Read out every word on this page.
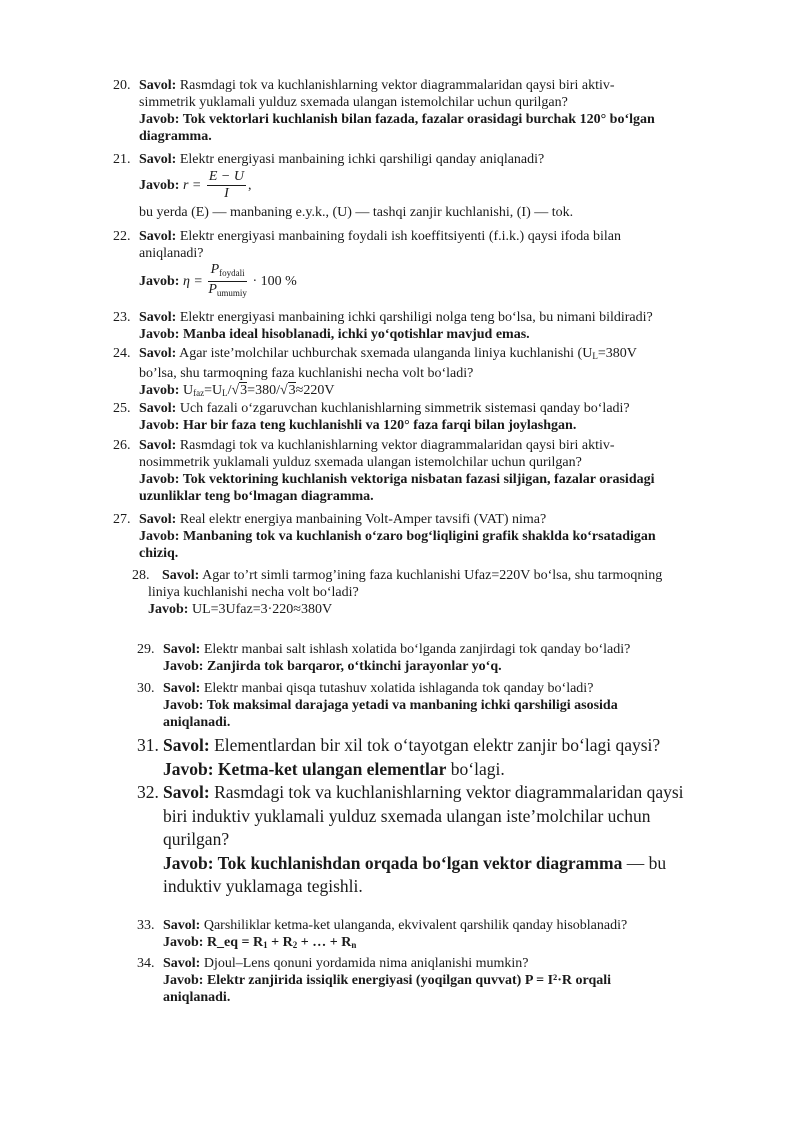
20. Savol: Rasmdagi tok va kuchlanishlarning vektor diagrammalaridan qaysi biri aktiv-
simmetrik yuklamali yulduz sxemada ulangan istemolchilar uchun qurilgan?
Javob: Tok vektorlari kuchlanish bilan fazada, fazalar orasidagi burchak 120° bo‘lgan
diagramma.
21. Savol: Elektr energiyasi manbaining ichki qarshiligi qanday aniqlanadi?
Javob: $r = \frac{E - U}{I}$ ,
bu yerda (E) — manbaning e.y.k., (U) — tashqi zanjir kuchlanishi, (I) — tok.
22. Savol: Elektr energiyasi manbaining foydali ish koeffitsiyenti (f.i.k.) qaysi ifoda bilan
aniqlanadi?
Javob: $\eta = \frac{P_{foydali}}{P_{umumiy}} \cdot 100$ %
23. Savol: Elektr energiyasi manbaining ichki qarshiligi nolga teng bo‘lsa, bu nimani bildiradi?
Javob: Manba ideal hisoblanadi, ichki yo‘qotishlar mavjud emas.
24. Savol: Agar iste’molchilar uchburchak sxemada ulanganda liniya kuchlanishi (UL=380V
bo’lsa, shu tarmoqning faza kuchlanishi necha volt bo‘ladi?
Javob: Ufaz=UL/√3=380/√3≈220V
25. Savol: Uch fazali o‘zgaruvchan kuchlanishlarning simmetrik sistemasi qanday bo‘ladi?
Javob: Har bir faza teng kuchlanishli va 120° faza farqi bilan joylashgan.
26. Savol: Rasmdagi tok va kuchlanishlarning vektor diagrammalaridan qaysi biri aktiv-
nosimmetrik yuklamali yulduz sxemada ulangan istemolchilar uchun qurilgan?
Javob: Tok vektorining kuchlanish vektoriga nisbatan fazasi siljigan, fazalar orasidagi
uzunliklar teng bo‘lmagan diagramma.
27. Savol: Real elektr energiya manbaining Volt-Amper tavsifi (VAT) nima?
Javob: Manbaning tok va kuchlanish o‘zaro bog‘liqligini grafik shaklda ko‘rsatadigan
chiziq.
28. Savol: Agar to’rt simli tarmog’ining faza kuchlanishi Ufaz=220V bo‘lsa, shu tarmoqning
liniya kuchlanishi necha volt bo‘ladi?
Javob: UL=3Ufaz=3·220≈380V
29. Savol: Elektr manbai salt ishlash xolatida bo‘lganda zanjirdagi tok qanday bo‘ladi?
Javob: Zanjirda tok barqaror, o‘tkinchi jarayonlar yo‘q.
30. Savol: Elektr manbai qisqa tutashuv xolatida ishlaganda tok qanday bo‘ladi?
Javob: Tok maksimal darajaga yetadi va manbaning ichki qarshiligi asosida
aniqlanadi.
31. Savol: Elementlardan bir xil tok o‘tayotgan elektr zanjir bo‘lagi qaysi?
Javob: Ketma-ket ulangan elementlar bo‘lagi.
32. Savol: Rasmdagi tok va kuchlanishlarning vektor diagrammalaridan qaysi
biri induktiv yuklamali yulduz sxemada ulangan iste’molchilar uchun
qurilgan?
Javob: Tok kuchlanishdan orqada bo‘lgan vektor diagramma — bu
induktiv yuklamaga tegishli.
33. Savol: Qarshiliklar ketma-ket ulanganda, ekvivalent qarshilik qanday hisoblanadi?
Javob: R_eq = R1 + R2 + … + Rn
34. Savol: Djoul–Lens qonuni yordamida nima aniqlanishi mumkin?
Javob: Elektr zanjirida issiqlik energiyasi (yoqilgan quvvat) P = I²·R orqali
aniqlanadi.
